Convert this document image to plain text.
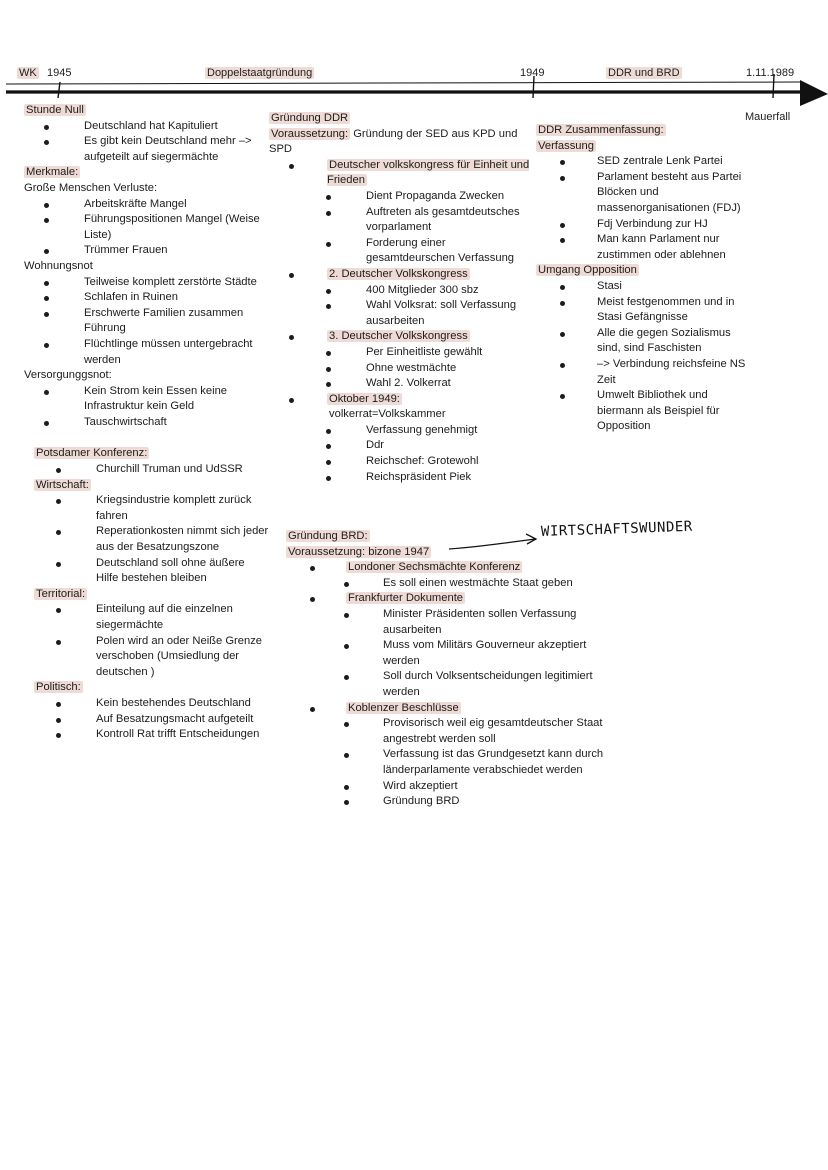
WK 1945	Doppelstaatgründung	1949	DDR und BRD	1.11.1989
Mauerfall
Stunde Null
Deutschland hat Kapituliert
Es gibt kein Deutschland mehr –> aufgeteilt auf siegermächte
Merkmale:
Große Menschen Verluste:
Arbeitskräfte Mangel
Führungspositionen Mangel (Weise Liste)
Trümmer Frauen
Wohnungsnot
Teilweise komplett zerstörte Städte
Schlafen in Ruinen
Erschwerte Familien zusammen Führung
Flüchtlinge müssen untergebracht werden
Versorgunggsnot:
Kein Strom kein Essen keine Infrastruktur kein Geld
Tauschwirtschaft
Potsdamer Konferenz:
Churchill Truman und UdSSR
Wirtschaft:
Kriegsindustrie komplett zurück fahren
Reperationkosten nimmt sich jeder aus der Besatzungszone
Deutschland soll ohne äußere Hilfe bestehen bleiben
Territorial:
Einteilung auf die einzelnen siegermächte
Polen wird an oder Neiße Grenze verschoben (Umsiedlung der deutschen )
Politisch:
Kein bestehendes Deutschland
Auf Besatzungsmacht aufgeteilt
Kontroll Rat trifft Entscheidungen
Gründung DDR
Voraussetzung: Gründung der SED aus KPD und SPD
Deutscher volkskongress für Einheit und Frieden
Dient Propaganda Zwecken
Auftreten als gesamtdeutsches vorparlament
Forderung einer gesamtdeurschen Verfassung
2. Deutscher Volkskongress
400 Mitglieder 300 sbz
Wahl Volksrat: soll Verfassung ausarbeiten
3. Deutscher Volkskongress
Per Einheitliste gewählt
Ohne westmächte
Wahl 2. Volkerrat
Oktober 1949:
volkerrat=Volkskammer
Verfassung genehmigt
Ddr
Reichschef: Grotewohl
Reichspräsident Piek
Gründung BRD:
Voraussetzung: bizone 1947
Londoner Sechsmächte Konferenz
Es soll einen westmächte Staat geben
Frankfurter Dokumente
Minister Präsidenten sollen Verfassung ausarbeiten
Muss vom Militärs Gouverneur akzeptiert werden
Soll durch Volksentscheidungen legitimiert werden
Koblenzer Beschlüsse
Provisorisch weil eig gesamtdeutscher Staat angestrebt werden soll
Verfassung ist das Grundgesetzt kann durch länderparlamente verabschiedet werden
Wird akzeptiert
Gründung BRD
DDR Zusammenfassung:
Verfassung
SED zentrale Lenk Partei
Parlament besteht aus Partei Blöcken und massenorganisationen (FDJ)
Fdj Verbindung zur HJ
Man kann Parlament nur zustimmen oder ablehnen
Umgang Opposition
Stasi
Meist festgenommen und in Stasi Gefängnisse
Alle die gegen Sozialismus sind, sind Faschisten
–> Verbindung reichsfeine NS Zeit
Umwelt Bibliothek und biermann als Beispiel für Opposition
WIRTSCHAFTSWUNDER
